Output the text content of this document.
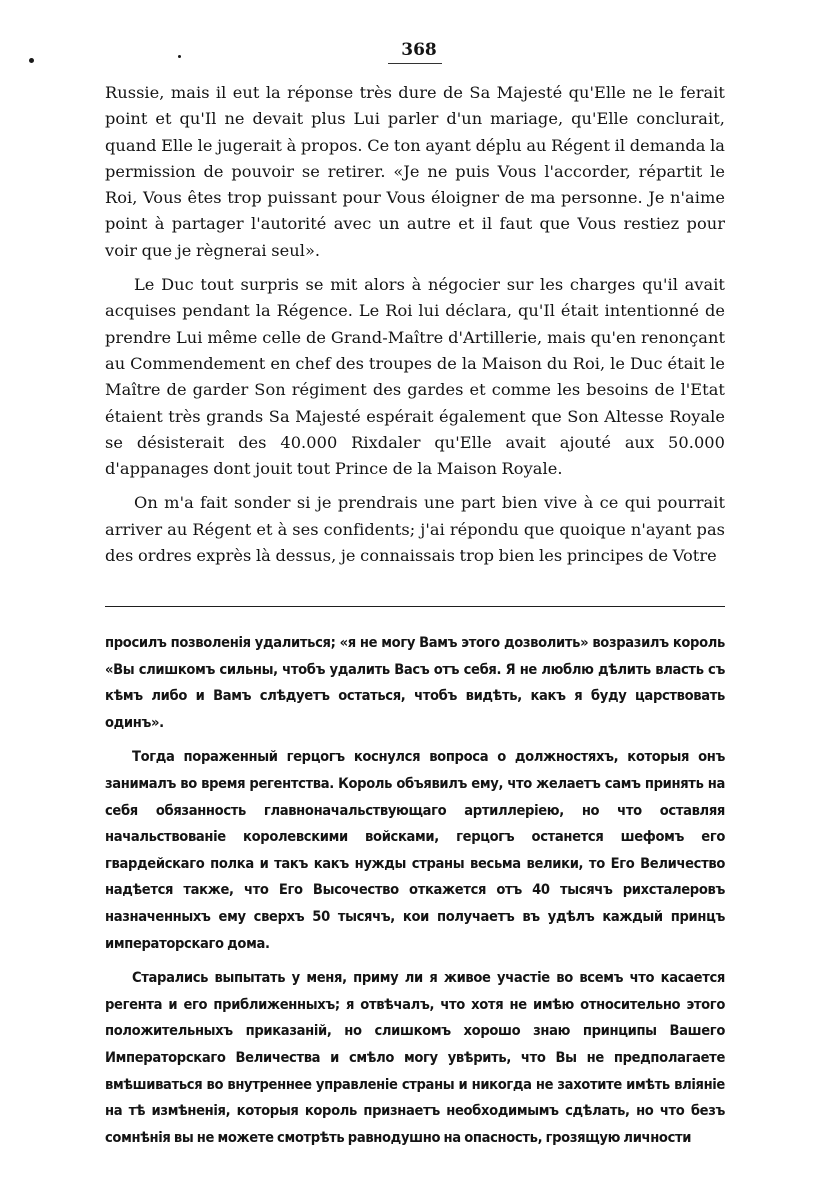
368

Russie, mais il eut la réponse très dure de Sa Majesté qu'Elle ne le ferait point et qu'Il ne devait plus Lui parler d'un mariage, qu'Elle conclurait, quand Elle le jugerait à propos. Ce ton ayant déplu au Régent il demanda la permission de pouvoir se retirer. «Je ne puis Vous l'accorder, répartit le Roi, Vous êtes trop puissant pour Vous éloigner de ma personne. Je n'aime point à partager l'autorité avec un autre et il faut que Vous restiez pour voir que je règnerai seul».

Le Duc tout surpris se mit alors à négocier sur les charges qu'il avait acquises pendant la Régence. Le Roi lui déclara, qu'Il était intentionné de prendre Lui même celle de Grand-Maître d'Artillerie, mais qu'en renonçant au Commendement en chef des troupes de la Maison du Roi, le Duc était le Maître de garder Son régiment des gardes et comme les besoins de l'Etat étaient très grands Sa Majesté espérait également que Son Altesse Royale se désisterait des 40.000 Rixdaler qu'Elle avait ajouté aux 50.000 d'appanages dont jouit tout Prince de la Maison Royale.

On m'a fait sonder si je prendrais une part bien vive à ce qui pourrait arriver au Régent et à ses confidents; j'ai répondu que quoique n'ayant pas des ordres exprès là dessus, je connaissais trop bien les principes de Votre

просилъ позволенія удалиться; «я не могу Вамъ этого дозволить» возразилъ король «Вы слишкомъ сильны, чтобъ удалить Васъ отъ себя. Я не люблю дѣлить власть съ кѣмъ либо и Вамъ слѣдуетъ остаться, чтобъ видѣть, какъ я буду царствовать одинъ».

Тогда пораженный герцогъ коснулся вопроса о должностяхъ, которыя онъ занималъ во время регентства. Король объявилъ ему, что желаетъ самъ принять на себя обязанность главноначальствующаго артиллеріею, но что оставляя начальствованіе королевскими войсками, герцогъ останется шефомъ его гвардейскаго полка и такъ какъ нужды страны весьма велики, то Его Величество надѣется также, что Его Высочество откажется отъ 40 тысячъ рихсталеровъ назначенныхъ ему сверхъ 50 тысячъ, кои получаетъ въ удѣлъ каждый принцъ императорскаго дома.

Старались выпытать у меня, приму ли я живое участіе во всемъ что касается регента и его приближенныхъ; я отвѣчалъ, что хотя не имѣю относительно этого положительныхъ приказаній, но слишкомъ хорошо знаю принципы Вашего Императорскаго Величества и смѣло могу увѣрить, что Вы не предполагаете вмѣшиваться во внутреннее управленіе страны и никогда не захотите имѣть вліяніе на тѣ измѣненія, которыя король признаетъ необходимымъ сдѣлать, но что безъ сомнѣнія вы не можете смотрѣть равнодушно на опасность, грозящую личности
